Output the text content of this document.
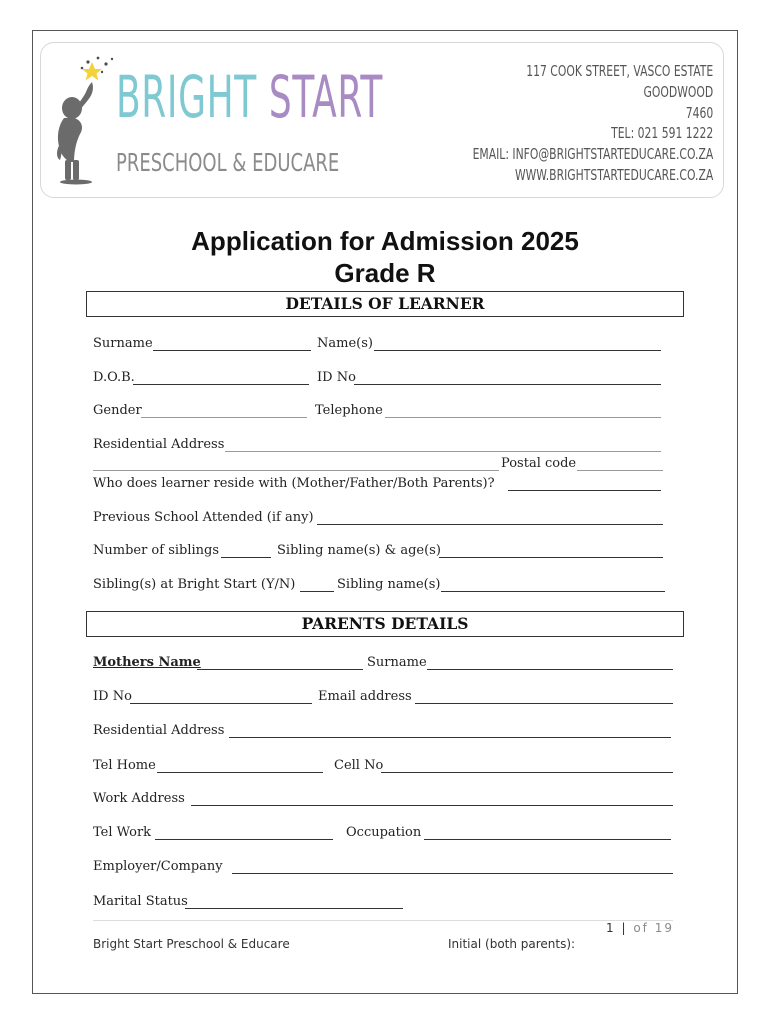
BRIGHT START
PRESCHOOL & EDUCARE
117 COOK STREET, VASCO ESTATE
GOODWOOD
7460
TEL: 021 591 1222
EMAIL: INFO@BRIGHTSTARTEDUCARE.CO.ZA
WWW.BRIGHTSTARTEDUCARE.CO.ZA
Application for Admission 2025
Grade R
DETAILS OF LEARNER
Surname	Name(s)
D.O.B.	ID No
Gender	Telephone
Residential Address
Postal code
Who does learner reside with (Mother/Father/Both Parents)?
Previous School Attended (if any)
Number of siblings	Sibling name(s) & age(s)
Sibling(s) at Bright Start (Y/N)	Sibling name(s)
PARENTS DETAILS
Mothers Name	Surname
ID No	Email address
Residential Address
Tel Home	Cell No
Work Address
Tel Work	Occupation
Employer/Company
Marital Status
1 | of 19
Bright Start Preschool & Educare	Initial (both parents):
